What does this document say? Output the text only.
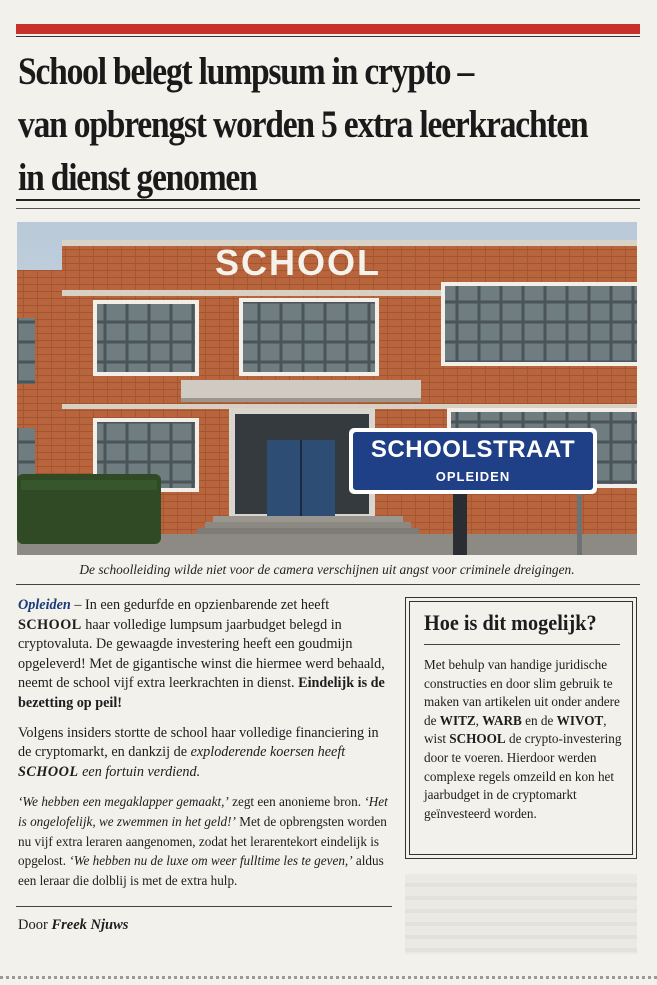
School belegt lumpsum in crypto –
van opbrengst worden 5 extra leerkrachten
in dienst genomen
SCHOOL
SCHOOLSTRAAT
OPLEIDEN
De schoolleiding wilde niet voor de camera verschijnen uit angst voor criminele dreigingen.

Opleiden – In een gedurfde en opzienbarende zet heeft SCHOOL haar volledige lumpsum jaarbudget belegd in cryptovaluta. De gewaagde investering heeft een goudmijn opgeleverd! Met de gigantische winst die hiermee werd behaald, neemt de school vijf extra leerkrachten in dienst. Eindelijk is de bezetting op peil!

Volgens insiders stortte de school haar volledige financiering in de cryptomarkt, en dankzij de exploderende koersen heeft SCHOOL een fortuin verdiend.

‘We hebben een megaklapper gemaakt,’ zegt een anonieme bron. ‘Het is ongelofelijk, we zwemmen in het geld!’ Met de opbrengsten worden nu vijf extra leraren aangenomen, zodat het lerarentekort eindelijk is opgelost. ‘We hebben nu de luxe om weer fulltime les te geven,’ aldus een leraar die dolblij is met de extra hulp.

Door Freek Njuws
Hoe is dit mogelijk?
Met behulp van handige juridische constructies en door slim gebruik te maken van artikelen uit onder andere de WITZ, WARB en de WIVOT, wist SCHOOL de crypto-investering door te voeren. Hierdoor werden complexe regels omzeild en kon het jaarbudget in de cryptomarkt geïnvesteerd worden.
